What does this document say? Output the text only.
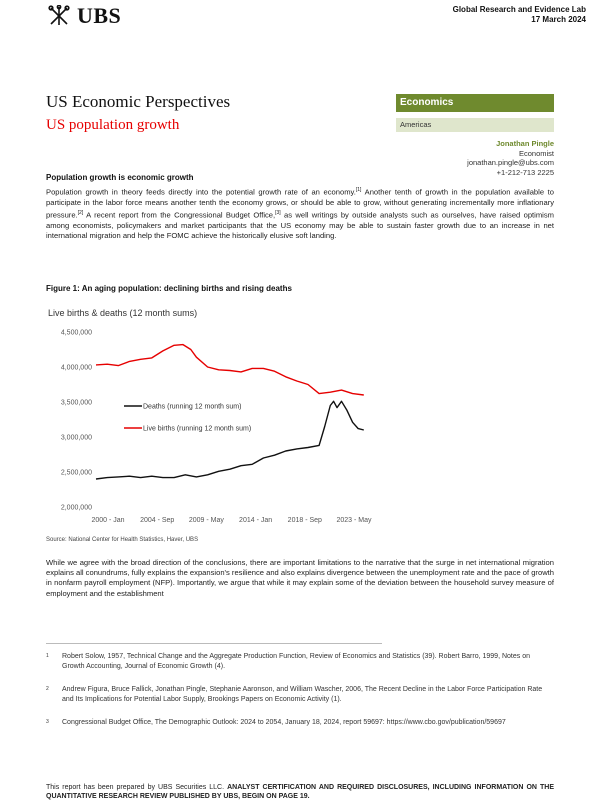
UBS	Global Research and Evidence Lab
17 March 2024
US Economic Perspectives
US population growth
Economics
Americas
Jonathan Pingle
Economist
jonathan.pingle@ubs.com
+1-212-713 2225
Population growth is economic growth
Population growth in theory feeds directly into the potential growth rate of an economy.[1] Another tenth of growth in the population available to participate in the labor force means another tenth the economy grows, or should be able to grow, without generating incrementally more inflationary pressure.[2] A recent report from the Congressional Budget Office,[3] as well writings by outside analysts such as ourselves, have raised optimism among economists, policymakers and market participants that the US economy may be able to sustain faster growth due to an increase in net international migration and help the FOMC achieve the historically elusive soft landing.
Figure 1: An aging population: declining births and rising deaths
Live births & deaths (12 month sums)
2,000,000
2,500,000
3,000,000
3,500,000
4,000,000
4,500,000
2000 - Jan 2004 - Sep 2009 - May 2014 - Jan 2018 - Sep 2023 - May
Deaths (running 12 month sum)
Live births (running 12 month sum)
Source: National Center for Health Statistics, Haver, UBS
While we agree with the broad direction of the conclusions, there are important limitations to the narrative that the surge in net international migration explains all conundrums, fully explains the expansion's resilience and also explains divergence between the unemployment rate and the pace of growth in nonfarm payroll employment (NFP). Importantly, we argue that while it may explain some of the deviation between the household survey measure of employment and the establishment
1	Robert Solow, 1957, Technical Change and the Aggregate Production Function, Review of Economics and Statistics (39). Robert Barro, 1999, Notes on Growth Accounting, Journal of Economic Growth (4).
2	Andrew Figura, Bruce Fallick, Jonathan Pingle, Stephanie Aaronson, and William Wascher, 2006, The Recent Decline in the Labor Force Participation Rate and Its Implications for Potential Labor Supply, Brookings Papers on Economic Activity (1).
3	Congressional Budget Office, The Demographic Outlook: 2024 to 2054, January 18, 2024, report 59697: https://www.cbo.gov/publication/59697
This report has been prepared by UBS Securities LLC. ANALYST CERTIFICATION AND REQUIRED DISCLOSURES, INCLUDING INFORMATION ON THE QUANTITATIVE RESEARCH REVIEW PUBLISHED BY UBS, BEGIN ON PAGE 19.
